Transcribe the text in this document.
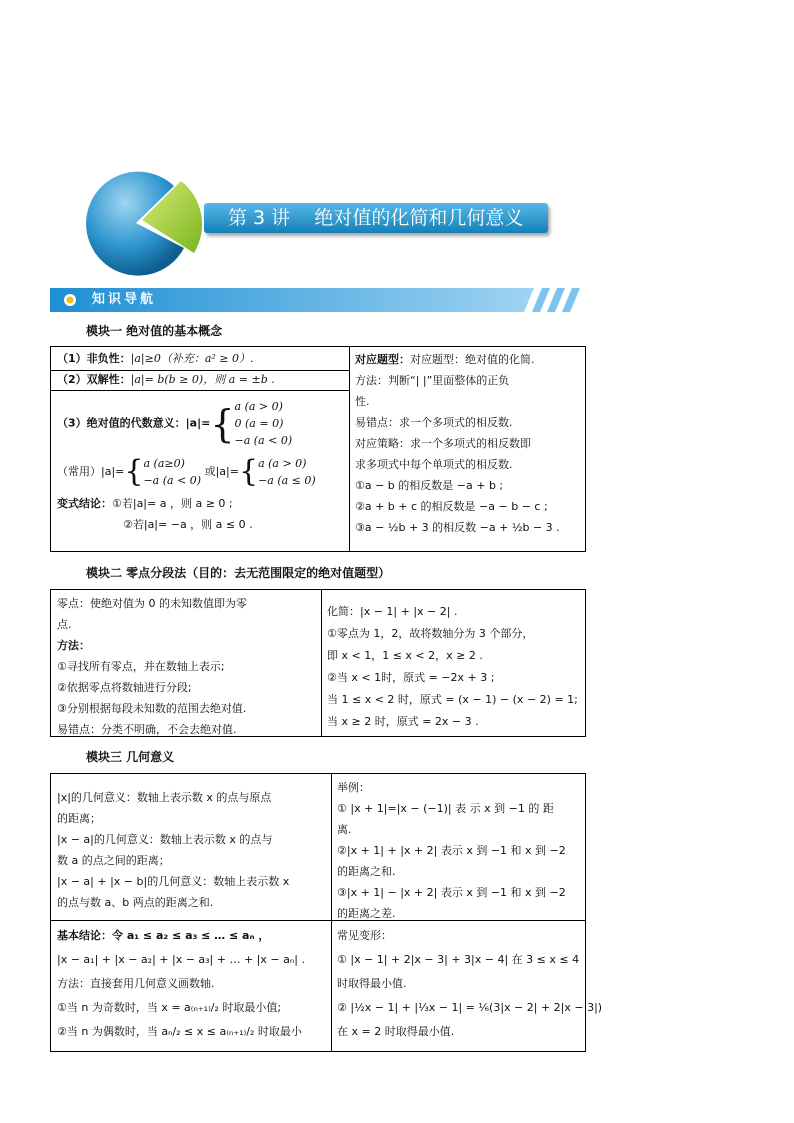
第 3 讲    绝对值的化简和几何意义
知识导航
模块一 绝对值的基本概念
（1）非负性：|a|≥0（补充：a² ≥ 0）.
（2）双解性：|a|= b(b ≥ 0)，则 a = ±b .
（3）绝对值的代数意义：|a|={a (a > 0)
0 (a = 0)
−a (a < 0)
（常用）|a|={a (a≥0)
−a (a < 0) 或|a|={a (a > 0)
−a (a ≤ 0)
变式结论：①若|a|= a ，则 a ≥ 0 ;
②若|a|= −a ，则 a ≤ 0 .
对应题型：对应题型：绝对值的化简.
方法：判断“| |”里面整体的正负
性.
易错点：求一个多项式的相反数.
对应策略：求一个多项式的相反数即
求多项式中每个单项式的相反数.
①a − b 的相反数是 −a + b ;
②a + b + c 的相反数是 −a − b − c ;
③a − ½b + 3 的相反数 −a + ½b − 3 .
模块二 零点分段法（目的：去无范围限定的绝对值题型）
零点：使绝对值为 0 的未知数值即为零
点.
方法：
①寻找所有零点，并在数轴上表示;
②依据零点将数轴进行分段;
③分别根据每段未知数的范围去绝对值.
易错点：分类不明确，不会去绝对值.
化简：|x − 1| + |x − 2| .
①零点为 1，2，故将数轴分为 3 个部分，
即 x < 1，1 ≤ x < 2，x ≥ 2 .
②当 x < 1时，原式 = −2x + 3 ;
当 1 ≤ x < 2 时，原式 = (x − 1) − (x − 2) = 1;
当 x ≥ 2 时，原式 = 2x − 3 .
模块三 几何意义
|x|的几何意义：数轴上表示数 x 的点与原点
的距离；
|x − a|的几何意义：数轴上表示数 x 的点与
数 a 的点之间的距离；
|x − a| + |x − b|的几何意义：数轴上表示数 x
的点与数 a、b 两点的距离之和.
举例：
① |x + 1|=|x − (−1)| 表 示 x 到 −1 的 距
离.
②|x + 1| + |x + 2| 表示 x 到 −1 和 x 到 −2
的距离之和.
③|x + 1| − |x + 2| 表示 x 到 −1 和 x 到 −2
的距离之差.
基本结论：令 a₁ ≤ a₂ ≤ a₃ ≤ … ≤ aₙ ，
|x − a₁| + |x − a₂| + |x − a₃| + … + |x − aₙ| .
方法：直接套用几何意义画数轴.
①当 n 为奇数时，当 x = a₍ₙ₊₁₎/₂ 时取最小值;
②当 n 为偶数时，当 aₙ/₂ ≤ x ≤ a₍ₙ₊₁₎/₂ 时取最小
常见变形：
① |x − 1| + 2|x − 3| + 3|x − 4| 在 3 ≤ x ≤ 4
时取得最小值.
② |½x − 1| + |⅓x − 1| = ⅙(3|x − 2| + 2|x − 3|)
在 x = 2 时取得最小值.
